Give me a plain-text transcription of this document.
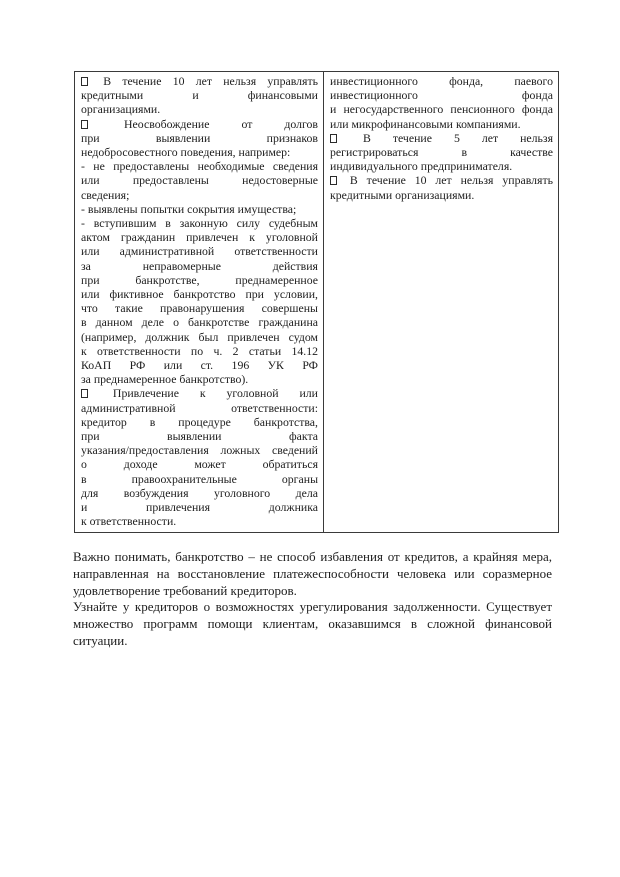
В течение 10 лет нельзя управлять
кредитными и финансовыми
организациями.

Неосвобождение от долгов
при выявлении признаков
недобросовестного поведения, например:

- не предоставлены необходимые сведения
или предоставлены недостоверные
сведения;

- выявлены попытки сокрытия имущества;

- вступившим в законную силу судебным
актом гражданин привлечен к уголовной
или административной ответственности
за неправомерные действия
при банкротстве, преднамеренное
или фиктивное банкротство при условии,
что такие правонарушения совершены
в данном деле о банкротстве гражданина
(например, должник был привлечен судом
к ответственности по ч. 2 статьи 14.12
КоАП РФ или ст. 196 УК РФ
за преднамеренное банкротство).

Привлечение к уголовной или
административной ответственности:
кредитор в процедуре банкротства,
при выявлении факта
указания/предоставления ложных сведений
о доходе может обратиться
в правоохранительные органы
для возбуждения уголовного дела
и привлечения должника
к ответственности.

инвестиционного фонда, паевого
инвестиционного фонда
и негосударственного пенсионного фонда
или микрофинансовыми компаниями.

В течение 5 лет нельзя
регистрироваться в качестве
индивидуального предпринимателя.

В течение 10 лет нельзя управлять
кредитными организациями.

Важно понимать, банкротство – не способ избавления от кредитов, а крайняя мера,
направленная на восстановление платежеспособности человека или соразмерное
удовлетворение требований кредиторов.

Узнайте у кредиторов о возможностях урегулирования задолженности. Существует
множество программ помощи клиентам, оказавшимся в сложной финансовой ситуации.
